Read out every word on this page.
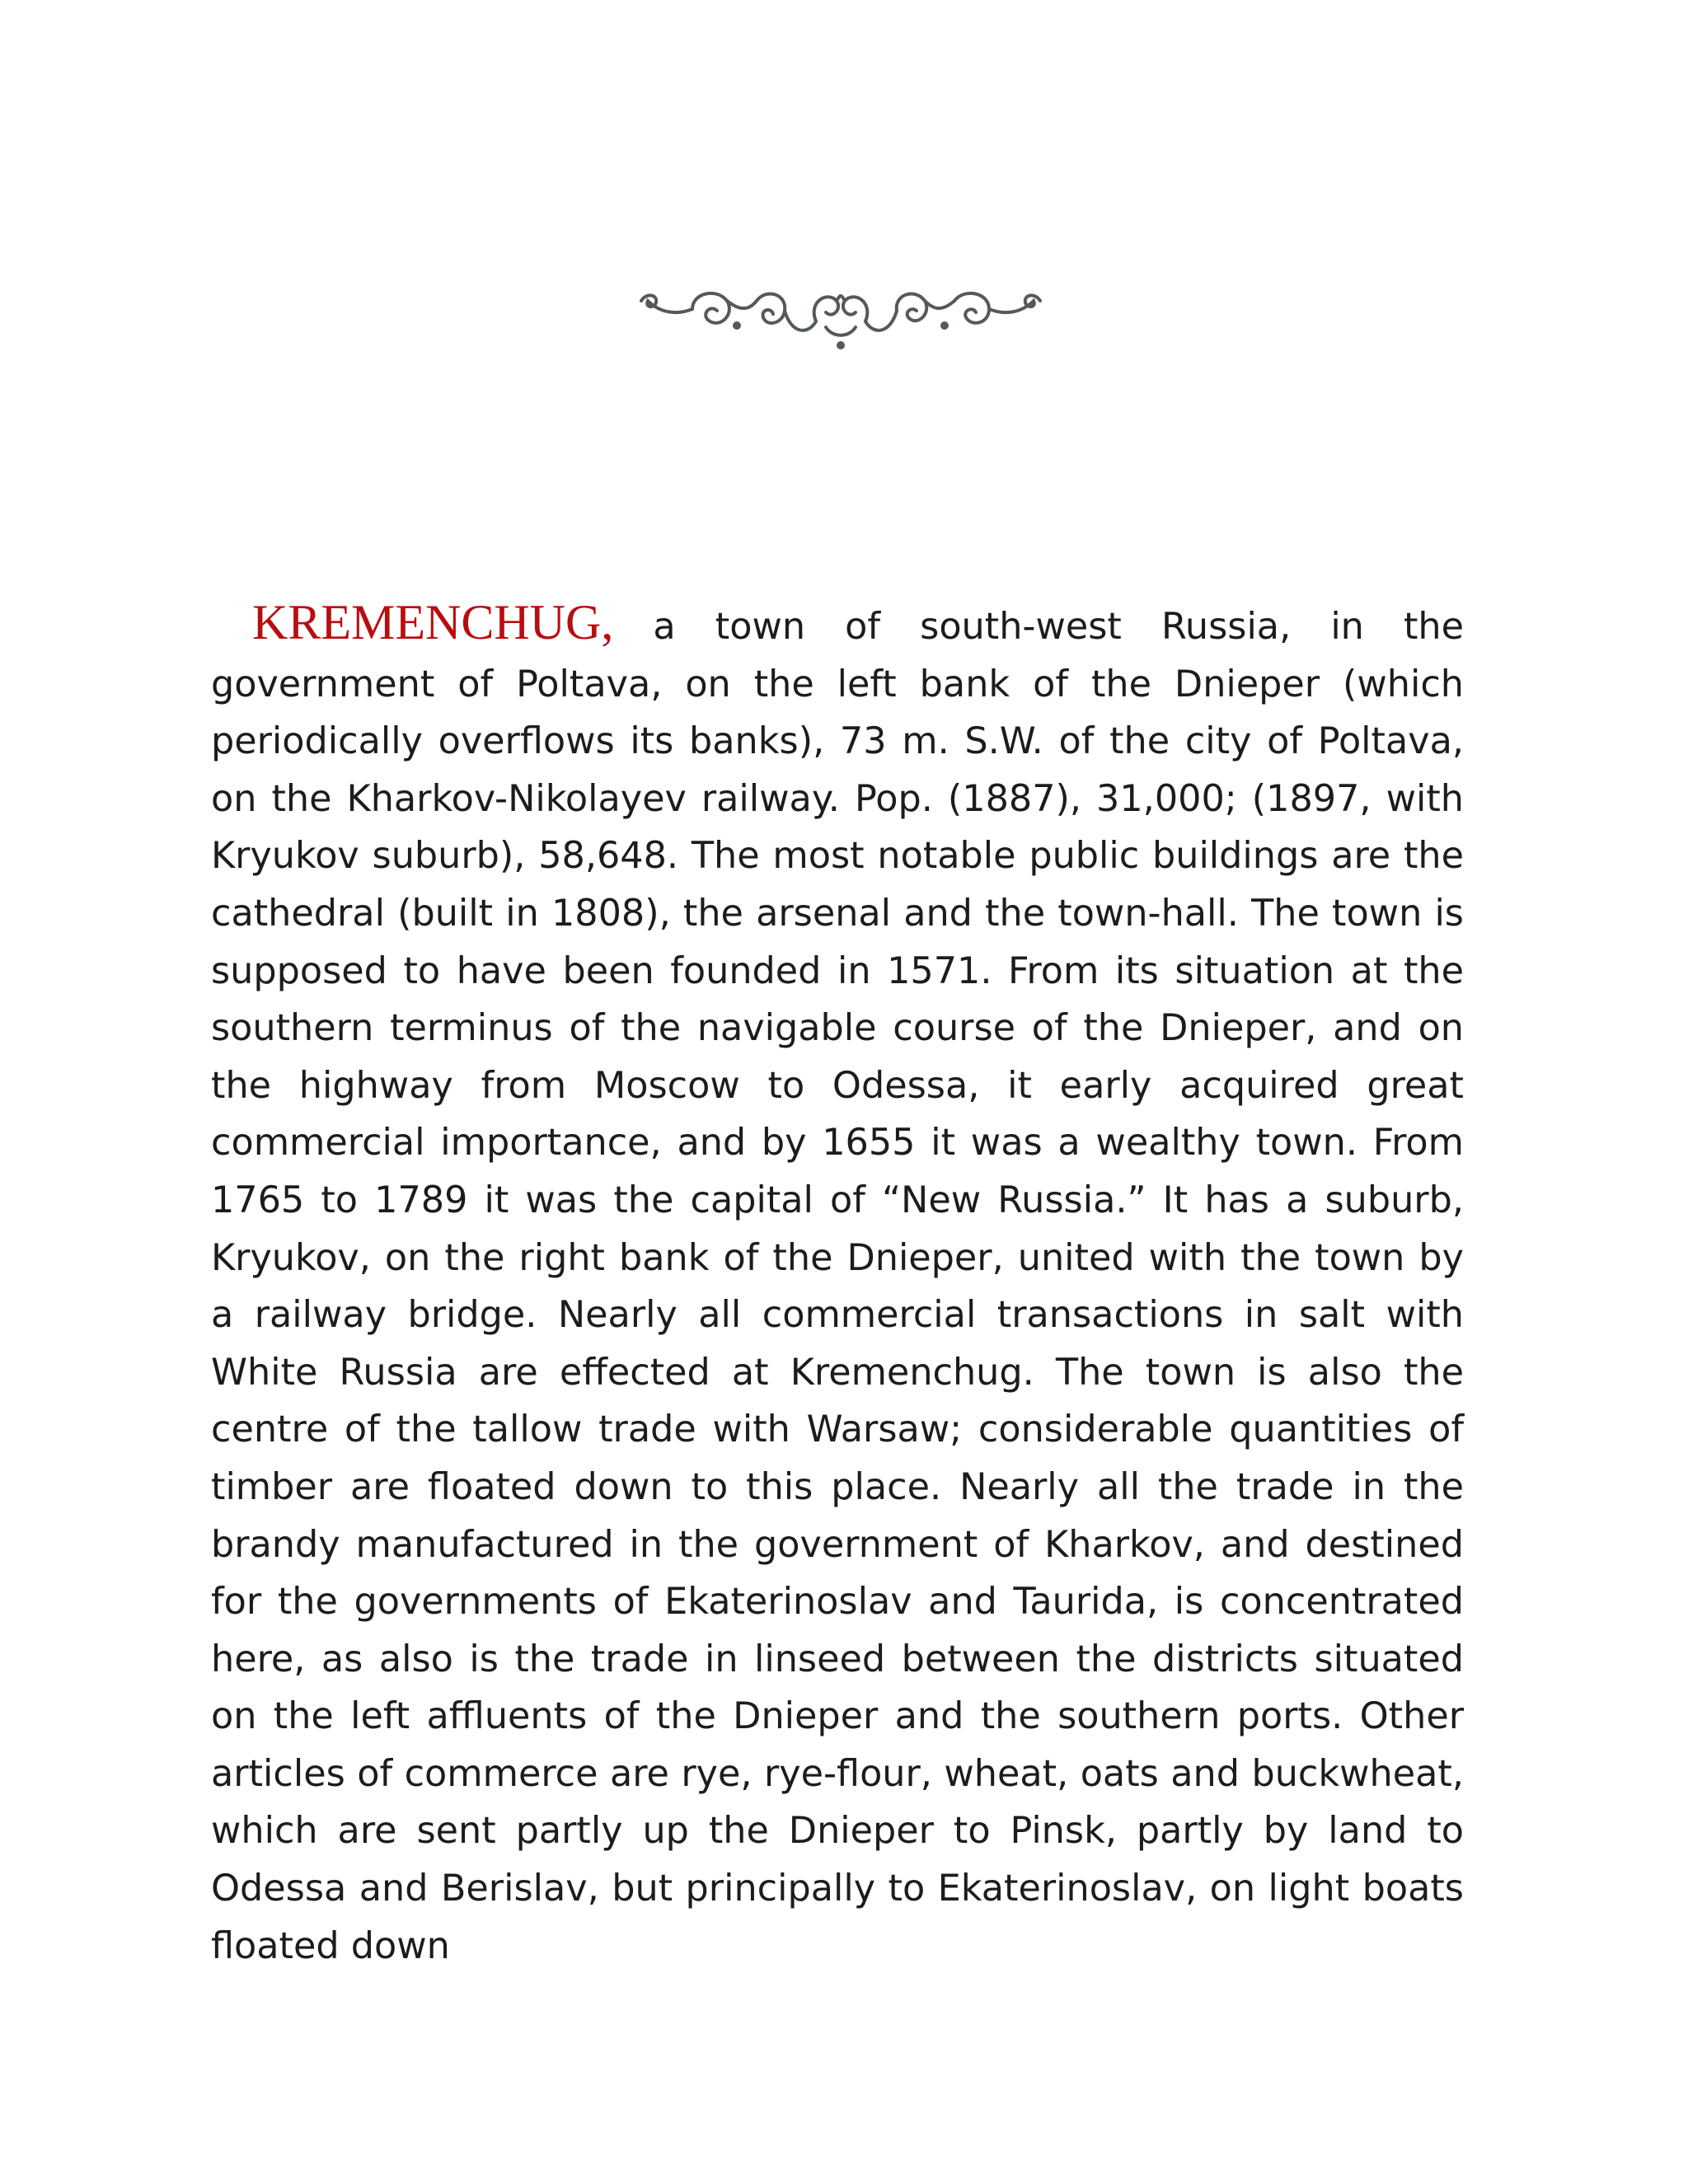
KREMENCHUG, a town of south-west Russia, in the government of Poltava, on the left bank of the Dnieper (which periodically overflows its banks), 73 m. S.W. of the city of Poltava, on the Kharkov-Nikolayev railway. Pop. (1887), 31,000; (1897, with Kryukov suburb), 58,648. The most notable public buildings are the cathedral (built in 1808), the arsenal and the town-hall. The town is supposed to have been founded in 1571. From its situation at the southern terminus of the navigable course of the Dnieper, and on the highway from Moscow to Odessa, it early acquired great commercial importance, and by 1655 it was a wealthy town. From 1765 to 1789 it was the capital of “New Russia.” It has a suburb, Kryukov, on the right bank of the Dnieper, united with the town by a railway bridge. Nearly all commercial transactions in salt with White Russia are effected at Kremenchug. The town is also the centre of the tallow trade with Warsaw; considerable quantities of timber are floated down to this place. Nearly all the trade in the brandy manufactured in the government of Kharkov, and destined for the governments of Ekaterinoslav and Taurida, is concentrated here, as also is the trade in linseed between the districts situated on the left affluents of the Dnieper and the southern ports. Other articles of commerce are rye, rye-flour, wheat, oats and buckwheat, which are sent partly up the Dnieper to Pinsk, partly by land to Odessa and Berislav, but principally to Ekaterinoslav, on light boats floated down
